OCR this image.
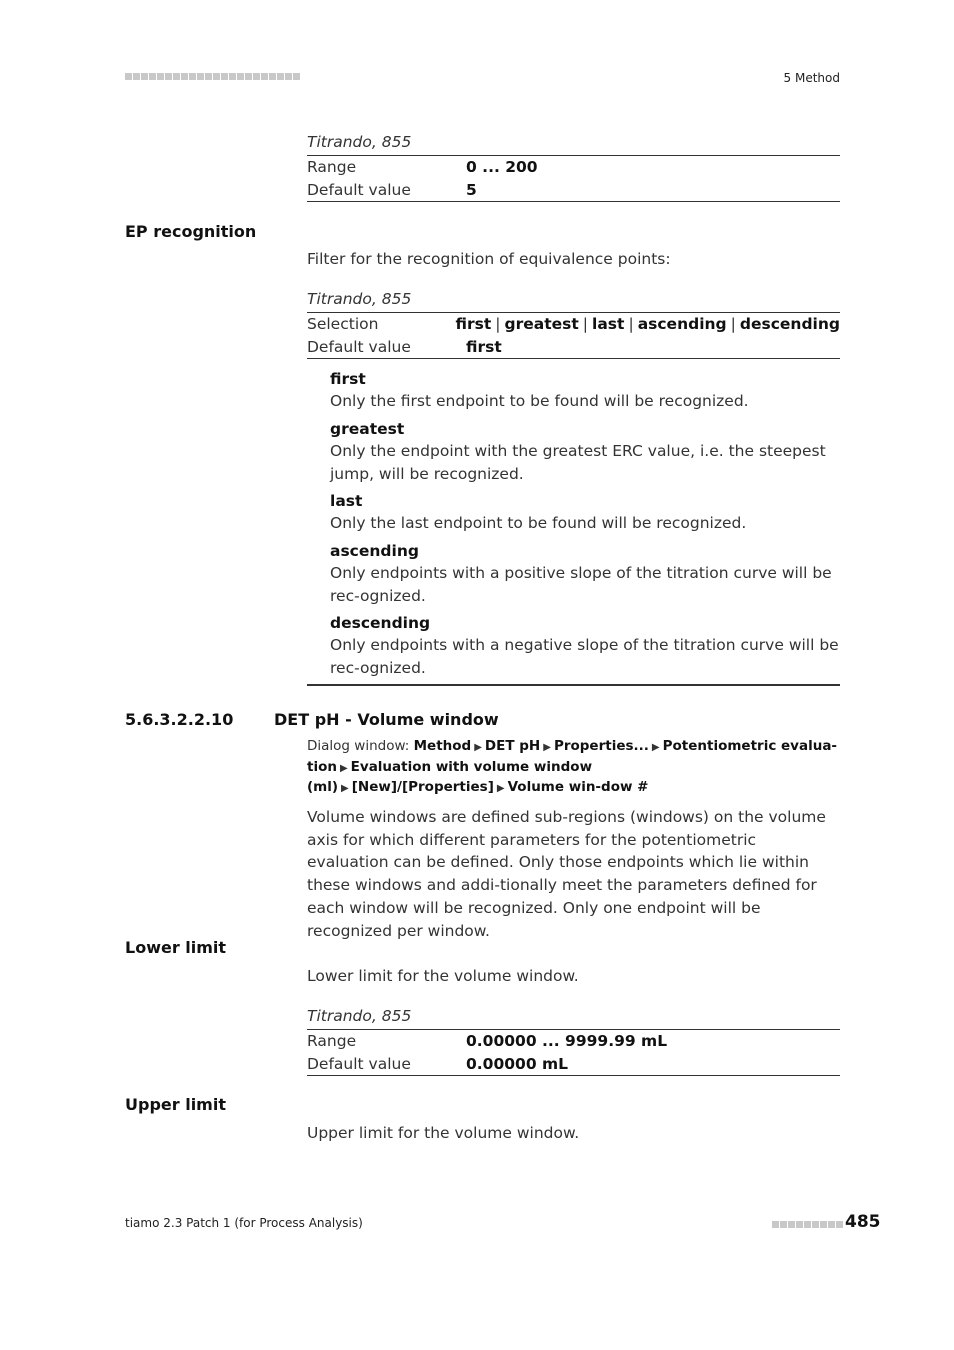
5 Method
Titrando, 855
Range	0 ... 200
Default value	5
EP recognition
Filter for the recognition of equivalence points:
Titrando, 855
Selection	first | greatest | last | ascending | descending
Default value	first
first
Only the first endpoint to be found will be recognized.
greatest
Only the endpoint with the greatest ERC value, i.e. the steepest jump, will be recognized.
last
Only the last endpoint to be found will be recognized.
ascending
Only endpoints with a positive slope of the titration curve will be rec-ognized.
descending
Only endpoints with a negative slope of the titration curve will be rec-ognized.
5.6.3.2.2.10	DET pH - Volume window
Dialog window: Method ▶ DET pH ▶ Properties... ▶ Potentiometric evalua-tion ▶ Evaluation with volume window (ml) ▶ [New]/[Properties] ▶ Volume win-dow #
Volume windows are defined sub-regions (windows) on the volume axis for which different parameters for the potentiometric evaluation can be defined. Only those endpoints which lie within these windows and addi-tionally meet the parameters defined for each window will be recognized. Only one endpoint will be recognized per window.
Lower limit
Lower limit for the volume window.
Titrando, 855
Range	0.00000 ... 9999.99 mL
Default value	0.00000 mL
Upper limit
Upper limit for the volume window.
tiamo 2.3 Patch 1 (for Process Analysis)	485
